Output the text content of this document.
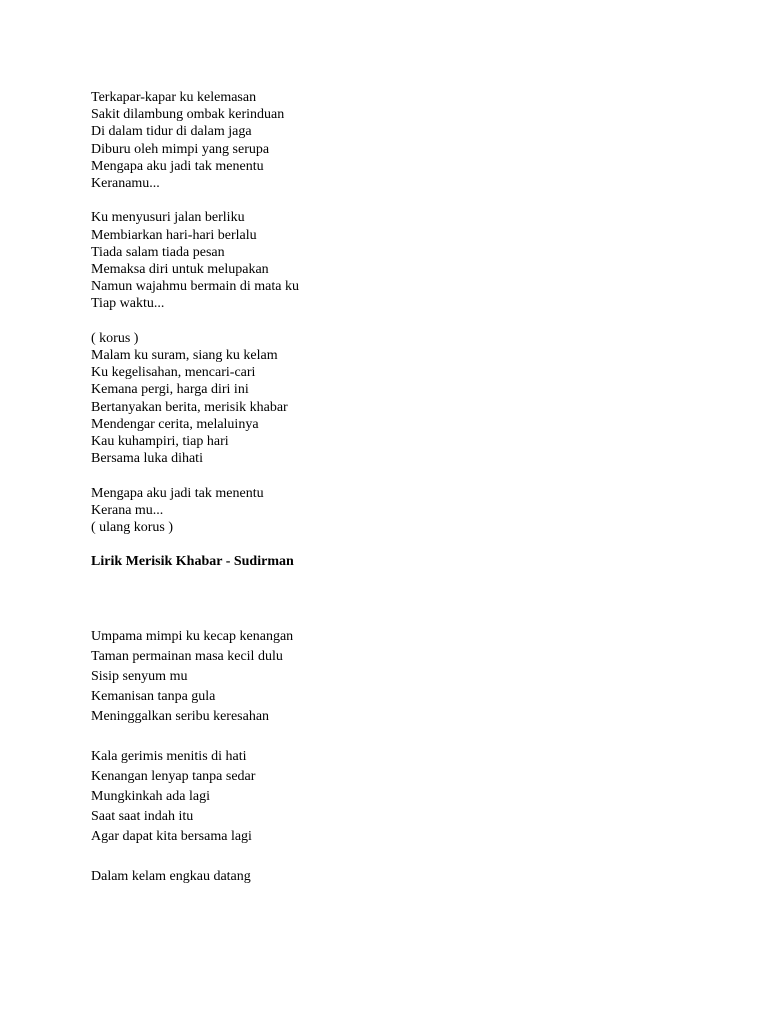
Terkapar-kapar ku kelemasan
Sakit dilambung ombak kerinduan
Di dalam tidur di dalam jaga
Diburu oleh mimpi yang serupa
Mengapa aku jadi tak menentu
Keranamu...
Ku menyusuri jalan berliku
Membiarkan hari-hari berlalu
Tiada salam tiada pesan
Memaksa diri untuk melupakan
Namun wajahmu bermain di mata ku
Tiap waktu...
( korus )
Malam ku suram, siang ku kelam
Ku kegelisahan, mencari-cari
Kemana pergi, harga diri ini
Bertanyakan berita, merisik khabar
Mendengar cerita, melaluinya
Kau kuhampiri, tiap hari
Bersama luka dihati
Mengapa aku jadi tak menentu
Kerana mu...
( ulang korus )
Lirik Merisik Khabar - Sudirman
Umpama mimpi ku kecap kenangan
Taman permainan masa kecil dulu
Sisip senyum mu
Kemanisan tanpa gula
Meninggalkan seribu keresahan
Kala gerimis menitis di hati
Kenangan lenyap tanpa sedar
Mungkinkah ada lagi
Saat saat indah itu
Agar dapat kita bersama lagi
Dalam kelam engkau datang
